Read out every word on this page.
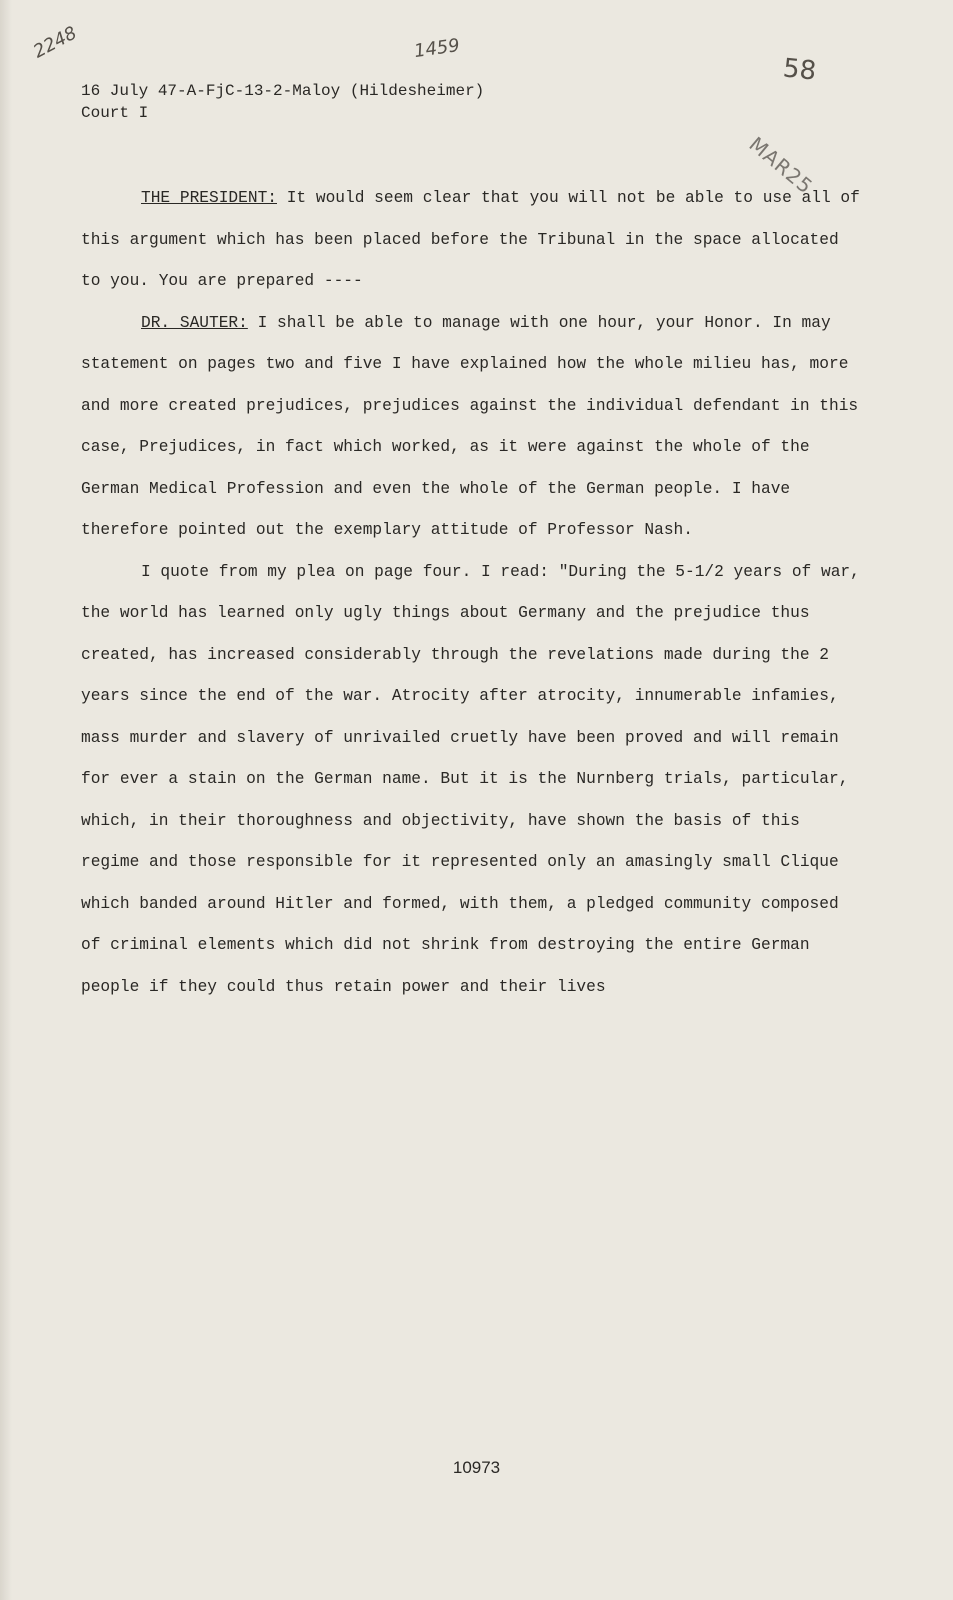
2248	1459
58
MAR25
16 July 47-A-FjC-13-2-Maloy (Hildesheimer)
Court I

THE PRESIDENT: It would seem clear that you will not be able to use all of this argument which has been placed before the Tribunal in the space allocated to you. You are prepared ----

DR. SAUTER: I shall be able to manage with one hour, your Honor. In may statement on pages two and five I have explained how the whole milieu has, more and more created prejudices, prejudices against the individual defendant in this case, Prejudices, in fact which worked, as it were against the whole of the German Medical Profession and even the whole of the German people. I have therefore pointed out the exemplary attitude of Professor Nash.

I quote from my plea on page four. I read: "During the 5-1/2 years of war, the world has learned only ugly things about Germany and the prejudice thus created, has increased considerably through the revelations made during the 2 years since the end of the war. Atrocity after atrocity, innumerable infamies, mass murder and slavery of unrivailed cruetly have been proved and will remain for ever a stain on the German name. But it is the Nurnberg trials, particular, which, in their thoroughness and objectivity, have shown the basis of this regime and those responsible for it represented only an amasingly small Clique which banded around Hitler and formed, with them, a pledged community composed of criminal elements which did not shrink from destroying the entire German people if they could thus retain power and their lives

10973
